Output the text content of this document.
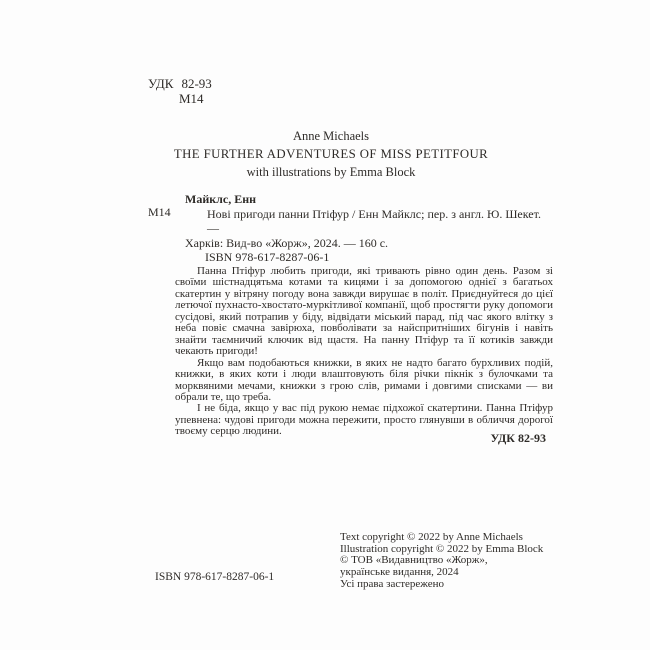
УДК 82-93
М14
Anne Michaels
THE FURTHER ADVENTURES OF MISS PETITFOUR
with illustrations by Emma Block
М14
Майклс, Енн
Нові пригоди панни Птіфур / Енн Майклс; пер. з англ. Ю. Шекет. —
Харків: Вид-во «Жорж», 2024. — 160 с.
ISBN 978-617-8287-06-1

Панна Птіфур любить пригоди, які тривають рівно один день. Разом зі своїми шістнадцятьма котами та кицями і за допомогою однієї з багатьох скатертин у вітряну погоду вона завжди вирушає в політ. Приєднуйтеся до цієї летючої пухнасто-хвостато-муркітливої компанії, щоб простягти руку допомоги сусідові, який потрапив у біду, відвідати міський парад, під час якого влітку з неба повіє смачна завірюха, повболівати за найспритніших бігунів і навіть знайти таємничий ключик від щастя. На панну Птіфур та її котиків завжди чекають пригоди!

Якщо вам подобаються книжки, в яких не надто багато бурхливих подій, книжки, в яких коти і люди влаштовують біля річки пікнік з булочками та морквяними мечами, книжки з грою слів, римами і довгими списками — ви обрали те, що треба.

І не біда, якщо у вас під рукою немає підхожої скатертини. Панна Птіфур упевнена: чудові пригоди можна пережити, просто глянувши в обличчя дорогої твоєму серцю людини.	УДК 82-93
Text copyright © 2022 by Anne Michaels
Illustration copyright © 2022 by Emma Block
© ТОВ «Видавництво «Жорж»,
українське видання, 2024
Усі права застережено
ISBN 978-617-8287-06-1
